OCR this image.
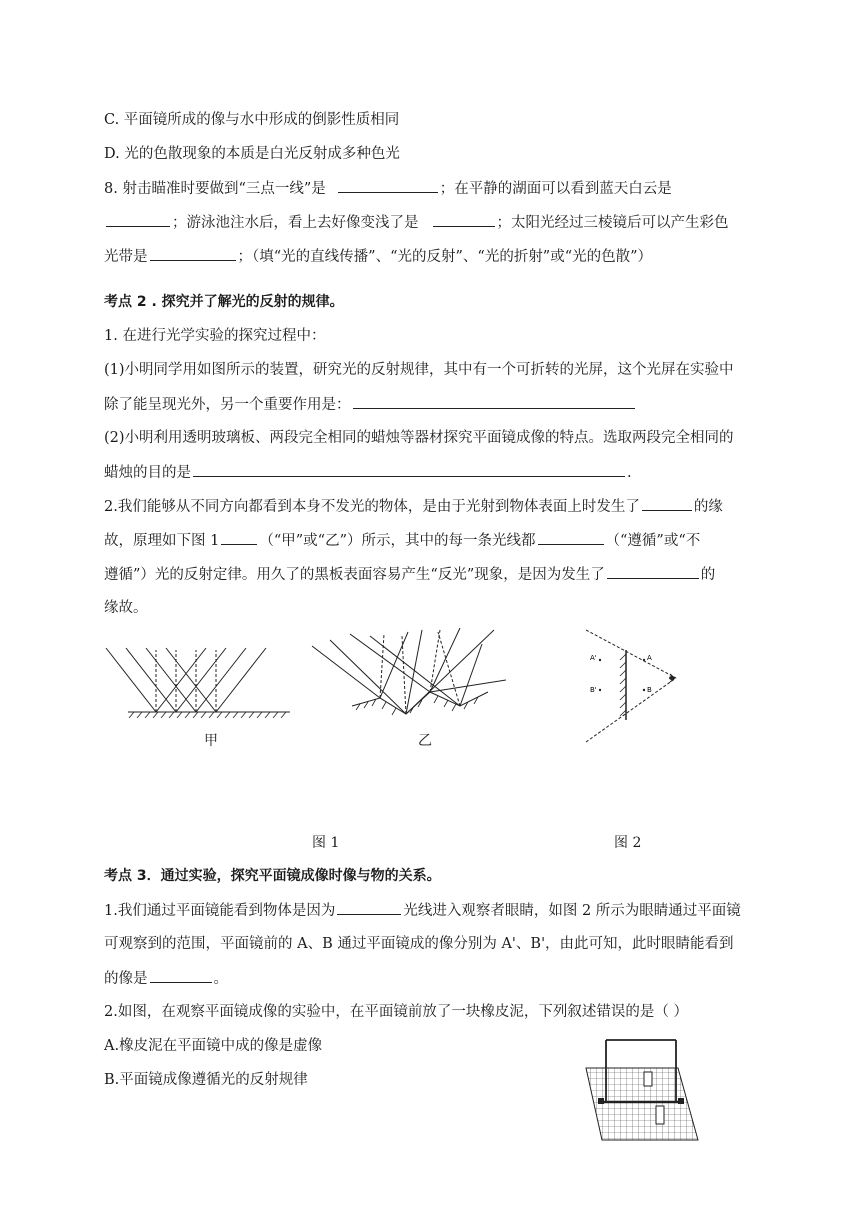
C. 平面镜所成的像与水中形成的倒影性质相同
D. 光的色散现象的本质是白光反射成多种色光
8. 射击瞄准时要做到“三点一线”是	；在平静的湖面可以看到蓝天白云是
；游泳池注水后，看上去好像变浅了是	；太阳光经过三棱镜后可以产生彩色
光带是	；（填“光的直线传播”、“光的反射”、“光的折射”或“光的色散”）
考点 2 . 探究并了解光的反射的规律。
1. 在进行光学实验的探究过程中：
(1)小明同学用如图所示的装置，研究光的反射规律，其中有一个可折转的光屏，这个光屏在实验中
除了能呈现光外，另一个重要作用是：
(2)小明利用透明玻璃板、两段完全相同的蜡烛等器材探究平面镜成像的特点。选取两段完全相同的
蜡烛的目的是	.
2.我们能够从不同方向都看到本身不发光的物体，是由于光射到物体表面上时发生了	的缘
故，原理如下图 1	（“甲”或“乙”）所示，其中的每一条光线都	（“遵循”或“不
遵循”）光的反射定律。用久了的黑板表面容易产生“反光”现象，是因为发生了	的
缘故。
甲	乙
A'	A
B'	B
图 1	图 2
考点 3．通过实验，探究平面镜成像时像与物的关系。
1.我们通过平面镜能看到物体是因为	光线进入观察者眼睛，如图 2 所示为眼睛通过平面镜
可观察到的范围，平面镜前的 A、B 通过平面镜成的像分别为 A'、B'，由此可知，此时眼睛能看到
的像是	。
2.如图，在观察平面镜成像的实验中，在平面镜前放了一块橡皮泥，下列叙述错误的是（ ）
A.橡皮泥在平面镜中成的像是虚像
B.平面镜成像遵循光的反射规律
